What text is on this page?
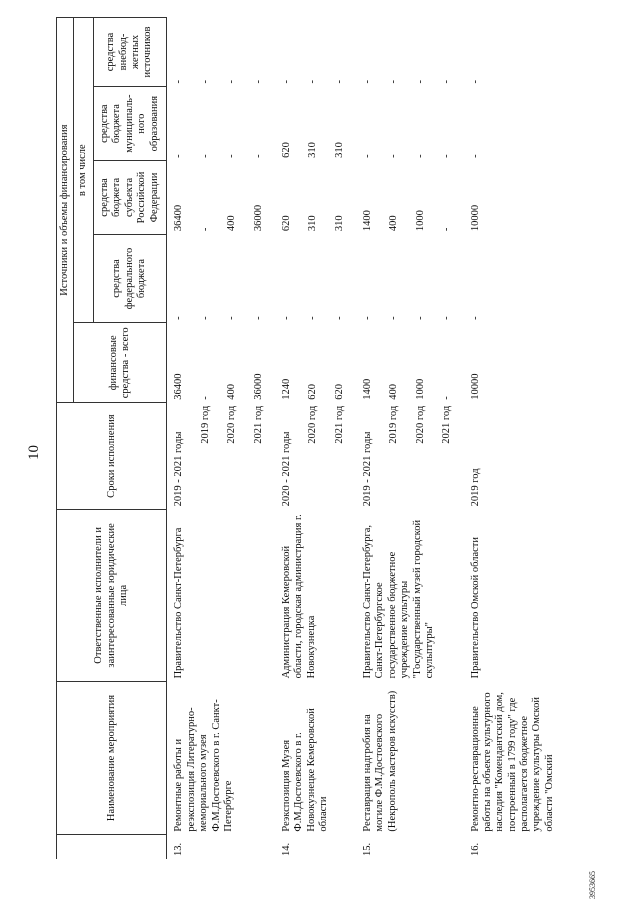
10
	Наименование мероприятия	Ответственные исполнители и заинтересованные юридические лица	Сроки исполнения	Источники и объемы финансирования				
				финансовые средства - всего	в том числе			
					средства федерального бюджета	средства бюджета субъекта Российской Федерации	средства бюджета муниципаль-ного образования	средства внебюд-жетных источников
13.	Ремонтные работы и реэкспозиция Литературно-мемориального музея Ф.М.Достоевского в г. Санкт-Петербурге	Правительство Санкт-Петербурга	2019 - 2021 годы	36400	-	36400	-	-
			2019 год	-	-	-	-	-
			2020 год	400	-	400	-	-
			2021 год	36000	-	36000	-	-
14.	Реэкспозиция Музея Ф.М.Достоевского в г. Новокузнецке Кемеровской области	Администрация Кемеровской области, городская администрация г. Новокузнецка	2020 - 2021 годы	1240	-	620	620	-
			2020 год	620	-	310	310	-
			2021 год	620	-	310	310	-
15.	Реставрация надгробия на могиле Ф.М.Достоевского (Некрополь мастеров искусств)	Правительство Санкт-Петербурга, Санкт-Петербургское государственное бюджетное учреждение культуры "Государственный музей городской скульптуры"	2019 - 2021 годы	1400	-	1400	-	-
			2019 год	400	-	400	-	-
			2020 год	1000	-	1000	-	-
			2021 год	-	-	-	-	-
16.	Ремонтно-реставрационные работы на объекте культурного наследия "Комендантский дом, построенный в 1799 году" где располагается бюджетное учреждение культуры Омской области "Омский	Правительство Омской области	2019 год	10000	-	10000	-	-
3953665
